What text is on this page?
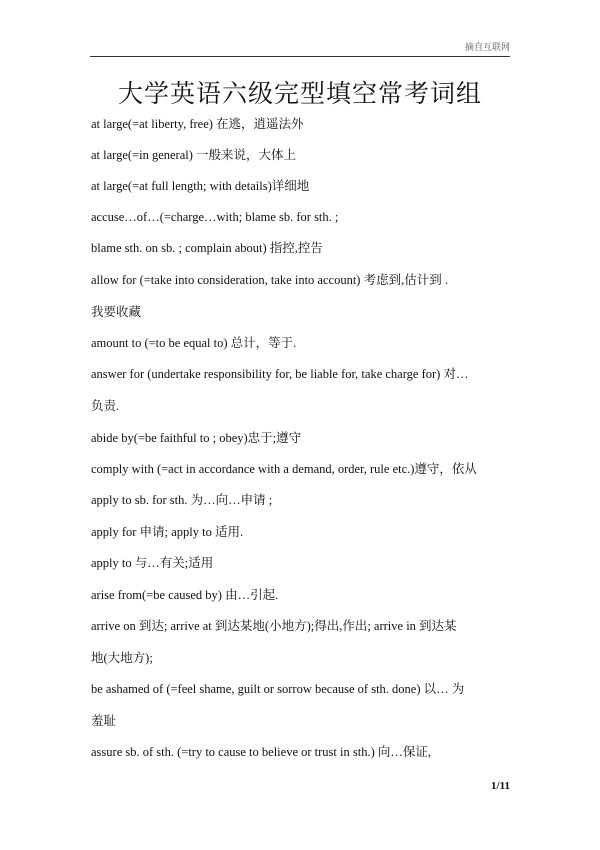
摘自互联网
大学英语六级完型填空常考词组
at large(=at liberty, free) 在逃，逍遥法外
at large(=in general) 一般来说，大体上
at large(=at full length; with details)详细地
accuse…of…(=charge…with; blame sb. for sth. ;
blame sth. on sb. ; complain about) 指控,控告
allow for (=take into consideration, take into account) 考虑到,估计到 .
我要收藏
amount to (=to be equal to) 总计，等于.
answer for (undertake responsibility for, be liable for, take charge for) 对…
负责.
abide by(=be faithful to ; obey)忠于;遵守
comply with (=act in accordance with a demand, order, rule etc.)遵守，依从
apply to sb. for sth. 为…向…申请 ;
apply for 申请; apply to 适用.
apply to 与…有关;适用
arise from(=be caused by) 由…引起.
arrive on 到达; arrive at 到达某地(小地方);得出,作出; arrive in 到达某
地(大地方);
be ashamed of (=feel shame, guilt or sorrow because of sth. done) 以… 为
羞耻
assure sb. of sth. (=try to cause to believe or trust in sth.) 向…保证,
1/11
